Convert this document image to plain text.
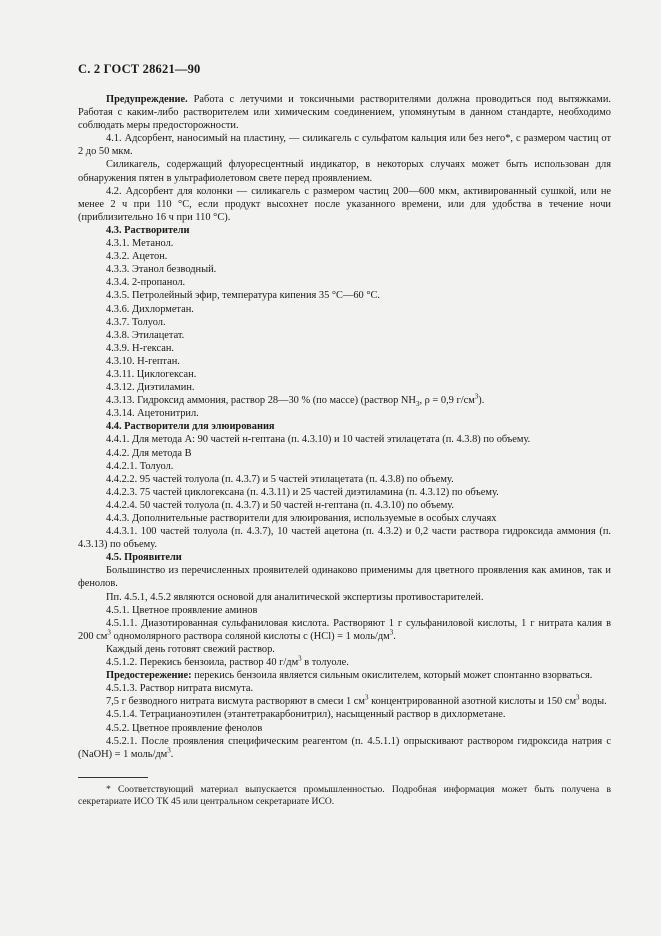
С. 2 ГОСТ 28621—90

Предупреждение. Работа с летучими и токсичными растворителями должна проводиться под вытяжками. Работая с каким-либо растворителем или химическим соединением, упомянутым в данном стандарте, необходимо соблюдать меры предосторожности.

4.1. Адсорбент, наносимый на пластину, — силикагель с сульфатом кальция или без него*, с размером частиц от 2 до 50 мкм.

Силикагель, содержащий флуоресцентный индикатор, в некоторых случаях может быть использован для обнаружения пятен в ультрафиолетовом свете перед проявлением.

4.2. Адсорбент для колонки — силикагель с размером частиц 200—600 мкм, активированный сушкой, или не менее 2 ч при 110 °С, если продукт высохнет после указанного времени, или для удобства в течение ночи (приблизительно 16 ч при 110 °С).

4.3. Растворители

4.3.1. Метанол.

4.3.2. Ацетон.

4.3.3. Этанол безводный.

4.3.4. 2-пропанол.

4.3.5. Петролейный эфир, температура кипения 35 °С—60 °С.

4.3.6. Дихлорметан.

4.3.7. Толуол.

4.3.8. Этилацетат.

4.3.9. Н-гексан.

4.3.10. Н-гептан.

4.3.11. Циклогексан.

4.3.12. Диэтиламин.

4.3.13. Гидроксид аммония, раствор 28—30 % (по массе) (раствор $NH_3$, ρ = 0,9 $г/см^3$).

4.3.14. Ацетонитрил.

4.4. Растворители для элюирования

4.4.1. Для метода А: 90 частей н-гептана (п. 4.3.10) и 10 частей этилацетата (п. 4.3.8) по объему.

4.4.2. Для метода В

4.4.2.1. Толуол.

4.4.2.2. 95 частей толуола (п. 4.3.7) и 5 частей этилацетата (п. 4.3.8) по объему.

4.4.2.3. 75 частей циклогексана (п. 4.3.11) и 25 частей диэтиламина (п. 4.3.12) по объему.

4.4.2.4. 50 частей толуола (п. 4.3.7) и 50 частей н-гептана (п. 4.3.10) по объему.

4.4.3. Дополнительные растворители для элюирования, используемые в особых случаях

4.4.3.1. 100 частей толуола (п. 4.3.7), 10 частей ацетона (п. 4.3.2) и 0,2 части раствора гидроксида аммония (п. 4.3.13) по объему.

4.5. Проявители

Большинство из перечисленных проявителей одинаково применимы для цветного проявления как аминов, так и фенолов.

Пп. 4.5.1, 4.5.2 являются основой для аналитической экспертизы противостарителей.

4.5.1. Цветное проявление аминов

4.5.1.1. Диазотированная сульфаниловая кислота. Растворяют 1 г сульфаниловой кислоты, 1 г нитрата калия в 200 $см^3$ одномолярного раствора соляной кислоты c (HCl) = 1 моль/$дм^3$.

Каждый день готовят свежий раствор.

4.5.1.2. Перекись бензоила, раствор 40 $г/дм^3$ в толуоле.

Предостережение: перекись бензоила является сильным окислителем, который может спонтанно взорваться.

4.5.1.3. Раствор нитрата висмута.

7,5 г безводного нитрата висмута растворяют в смеси 1 $см^3$ концентрированной азотной кислоты и 150 $см^3$ воды.

4.5.1.4. Тетрацианоэтилен (этантетракарбонитрил), насыщенный раствор в дихлорметане.

4.5.2. Цветное проявление фенолов

4.5.2.1. После проявления специфическим реагентом (п. 4.5.1.1) опрыскивают раствором гидроксида натрия c (NaOH) = 1 моль/$дм^3$.

* Соответствующий материал выпускается промышленностью. Подробная информация может быть получена в секретариате ИСО ТК 45 или центральном секретариате ИСО.
